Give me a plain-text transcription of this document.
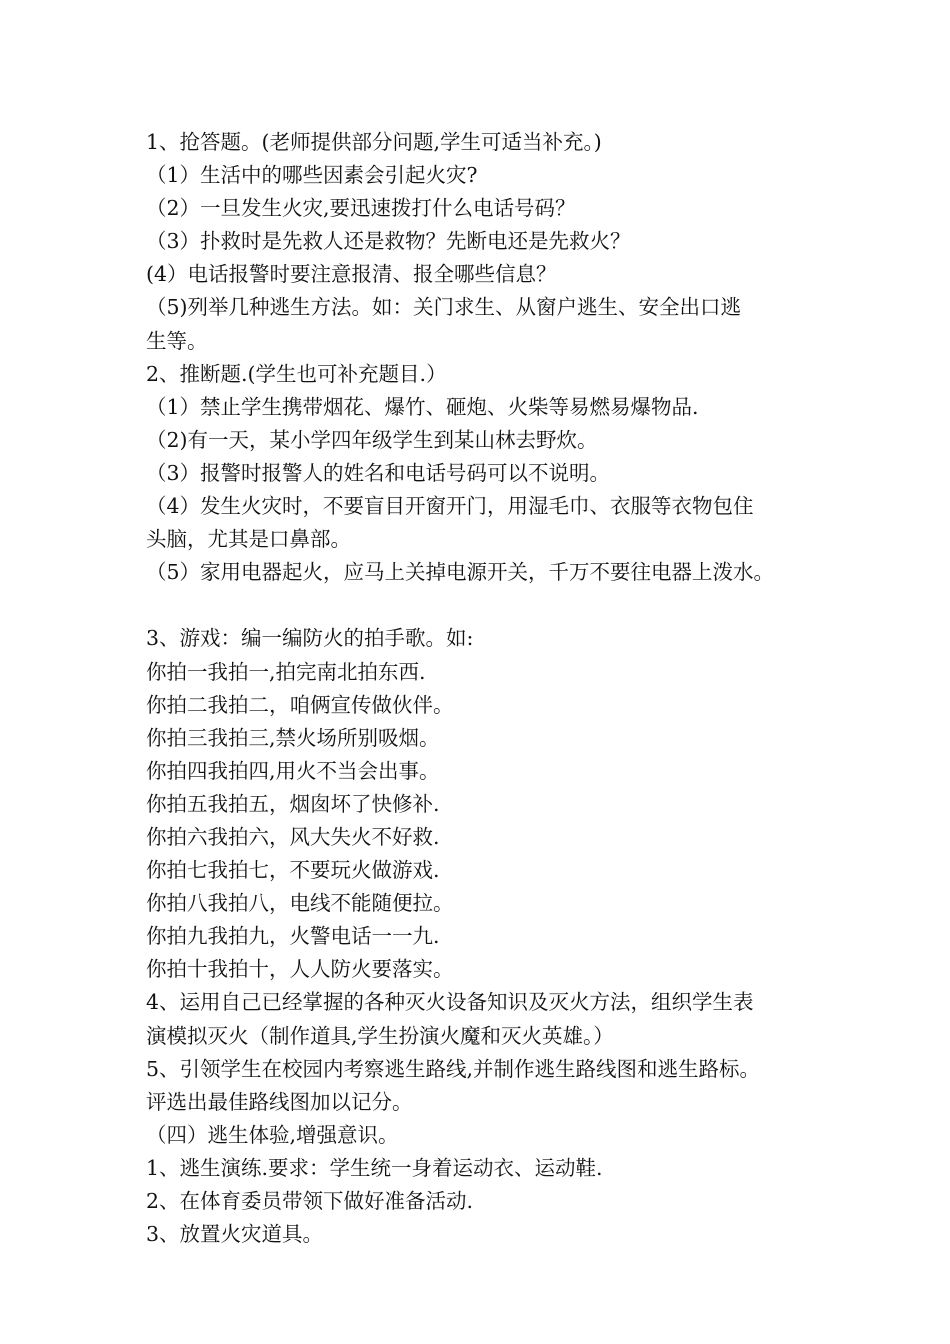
1、抢答题。(老师提供部分问题,学生可适当补充。)
（1）生活中的哪些因素会引起火灾?
（2）一旦发生火灾,要迅速拨打什么电话号码？
（3）扑救时是先救人还是救物？先断电还是先救火？
(4）电话报警时要注意报清、报全哪些信息？
（5)列举几种逃生方法。如：关门求生、从窗户逃生、安全出口逃
生等。
2、推断题.(学生也可补充题目.）
（1）禁止学生携带烟花、爆竹、砸炮、火柴等易燃易爆物品.
（2)有一天，某小学四年级学生到某山林去野炊。
（3）报警时报警人的姓名和电话号码可以不说明。
（4）发生火灾时，不要盲目开窗开门，用湿毛巾、衣服等衣物包住
头脑，尤其是口鼻部。
（5）家用电器起火，应马上关掉电源开关，千万不要往电器上泼水。
3、游戏：编一编防火的拍手歌。如:
你拍一我拍一,拍完南北拍东西.
你拍二我拍二，咱俩宣传做伙伴。
你拍三我拍三,禁火场所别吸烟。
你拍四我拍四,用火不当会出事。
你拍五我拍五，烟囱坏了快修补.
你拍六我拍六，风大失火不好救.
你拍七我拍七，不要玩火做游戏.
你拍八我拍八，电线不能随便拉。
你拍九我拍九，火警电话一一九.
你拍十我拍十，人人防火要落实。
4、运用自己已经掌握的各种灭火设备知识及灭火方法，组织学生表
演模拟灭火（制作道具,学生扮演火魔和灭火英雄。）
5、引领学生在校园内考察逃生路线,并制作逃生路线图和逃生路标。
评选出最佳路线图加以记分。
（四）逃生体验,增强意识。
1、逃生演练.要求：学生统一身着运动衣、运动鞋.
2、在体育委员带领下做好准备活动.
3、放置火灾道具。
